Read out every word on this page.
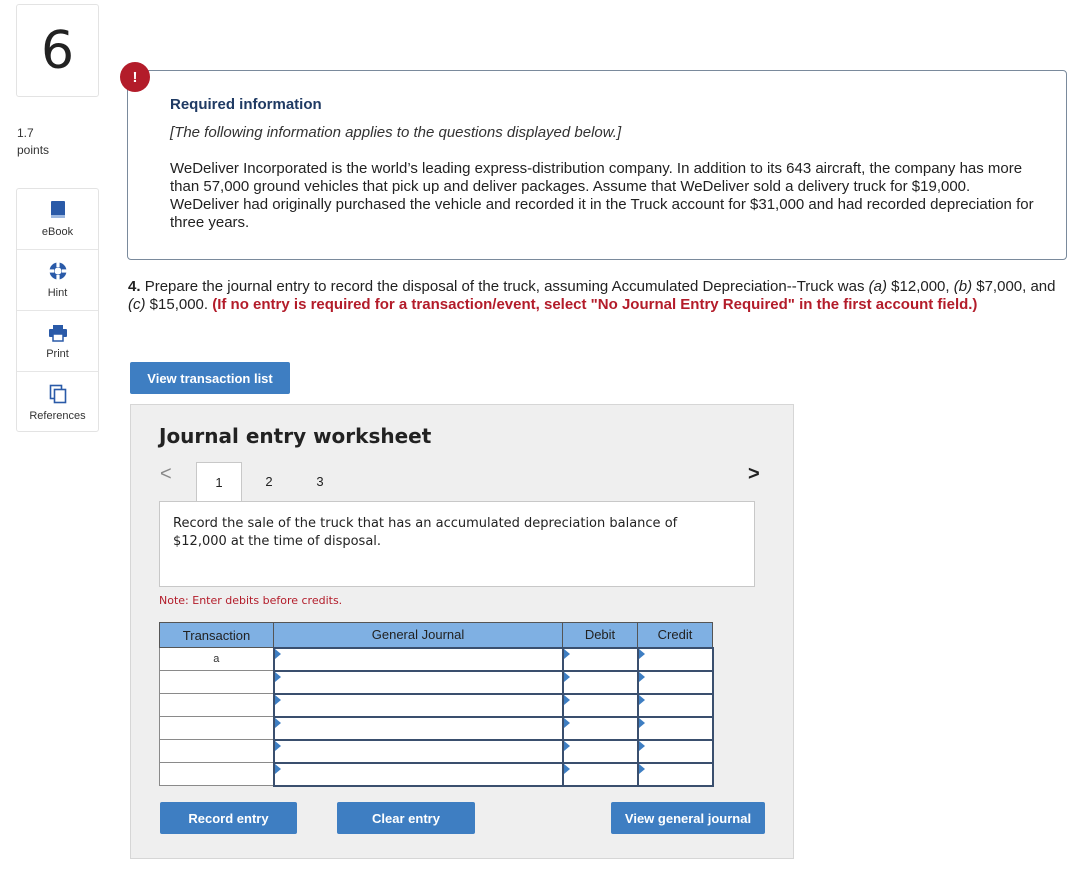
6
1.7
points
eBook
Hint
Print
References
!
Required information
[The following information applies to the questions displayed below.]
WeDeliver Incorporated is the world’s leading express-distribution company. In addition to its 643 aircraft, the company has more than 57,000 ground vehicles that pick up and deliver packages. Assume that WeDeliver sold a delivery truck for $19,000. WeDeliver had originally purchased the vehicle and recorded it in the Truck account for $31,000 and had recorded depreciation for three years.
4. Prepare the journal entry to record the disposal of the truck, assuming Accumulated Depreciation--Truck was (a) $12,000, (b) $7,000, and (c) $15,000. (If no entry is required for a transaction/event, select "No Journal Entry Required" in the first account field.)
View transaction list
Journal entry worksheet
<	>
1	2	3
Record the sale of the truck that has an accumulated depreciation balance of $12,000 at the time of disposal.
Note: Enter debits before credits.
Transaction	General Journal	Debit	Credit
a			

Record entry	Clear entry	View general journal
